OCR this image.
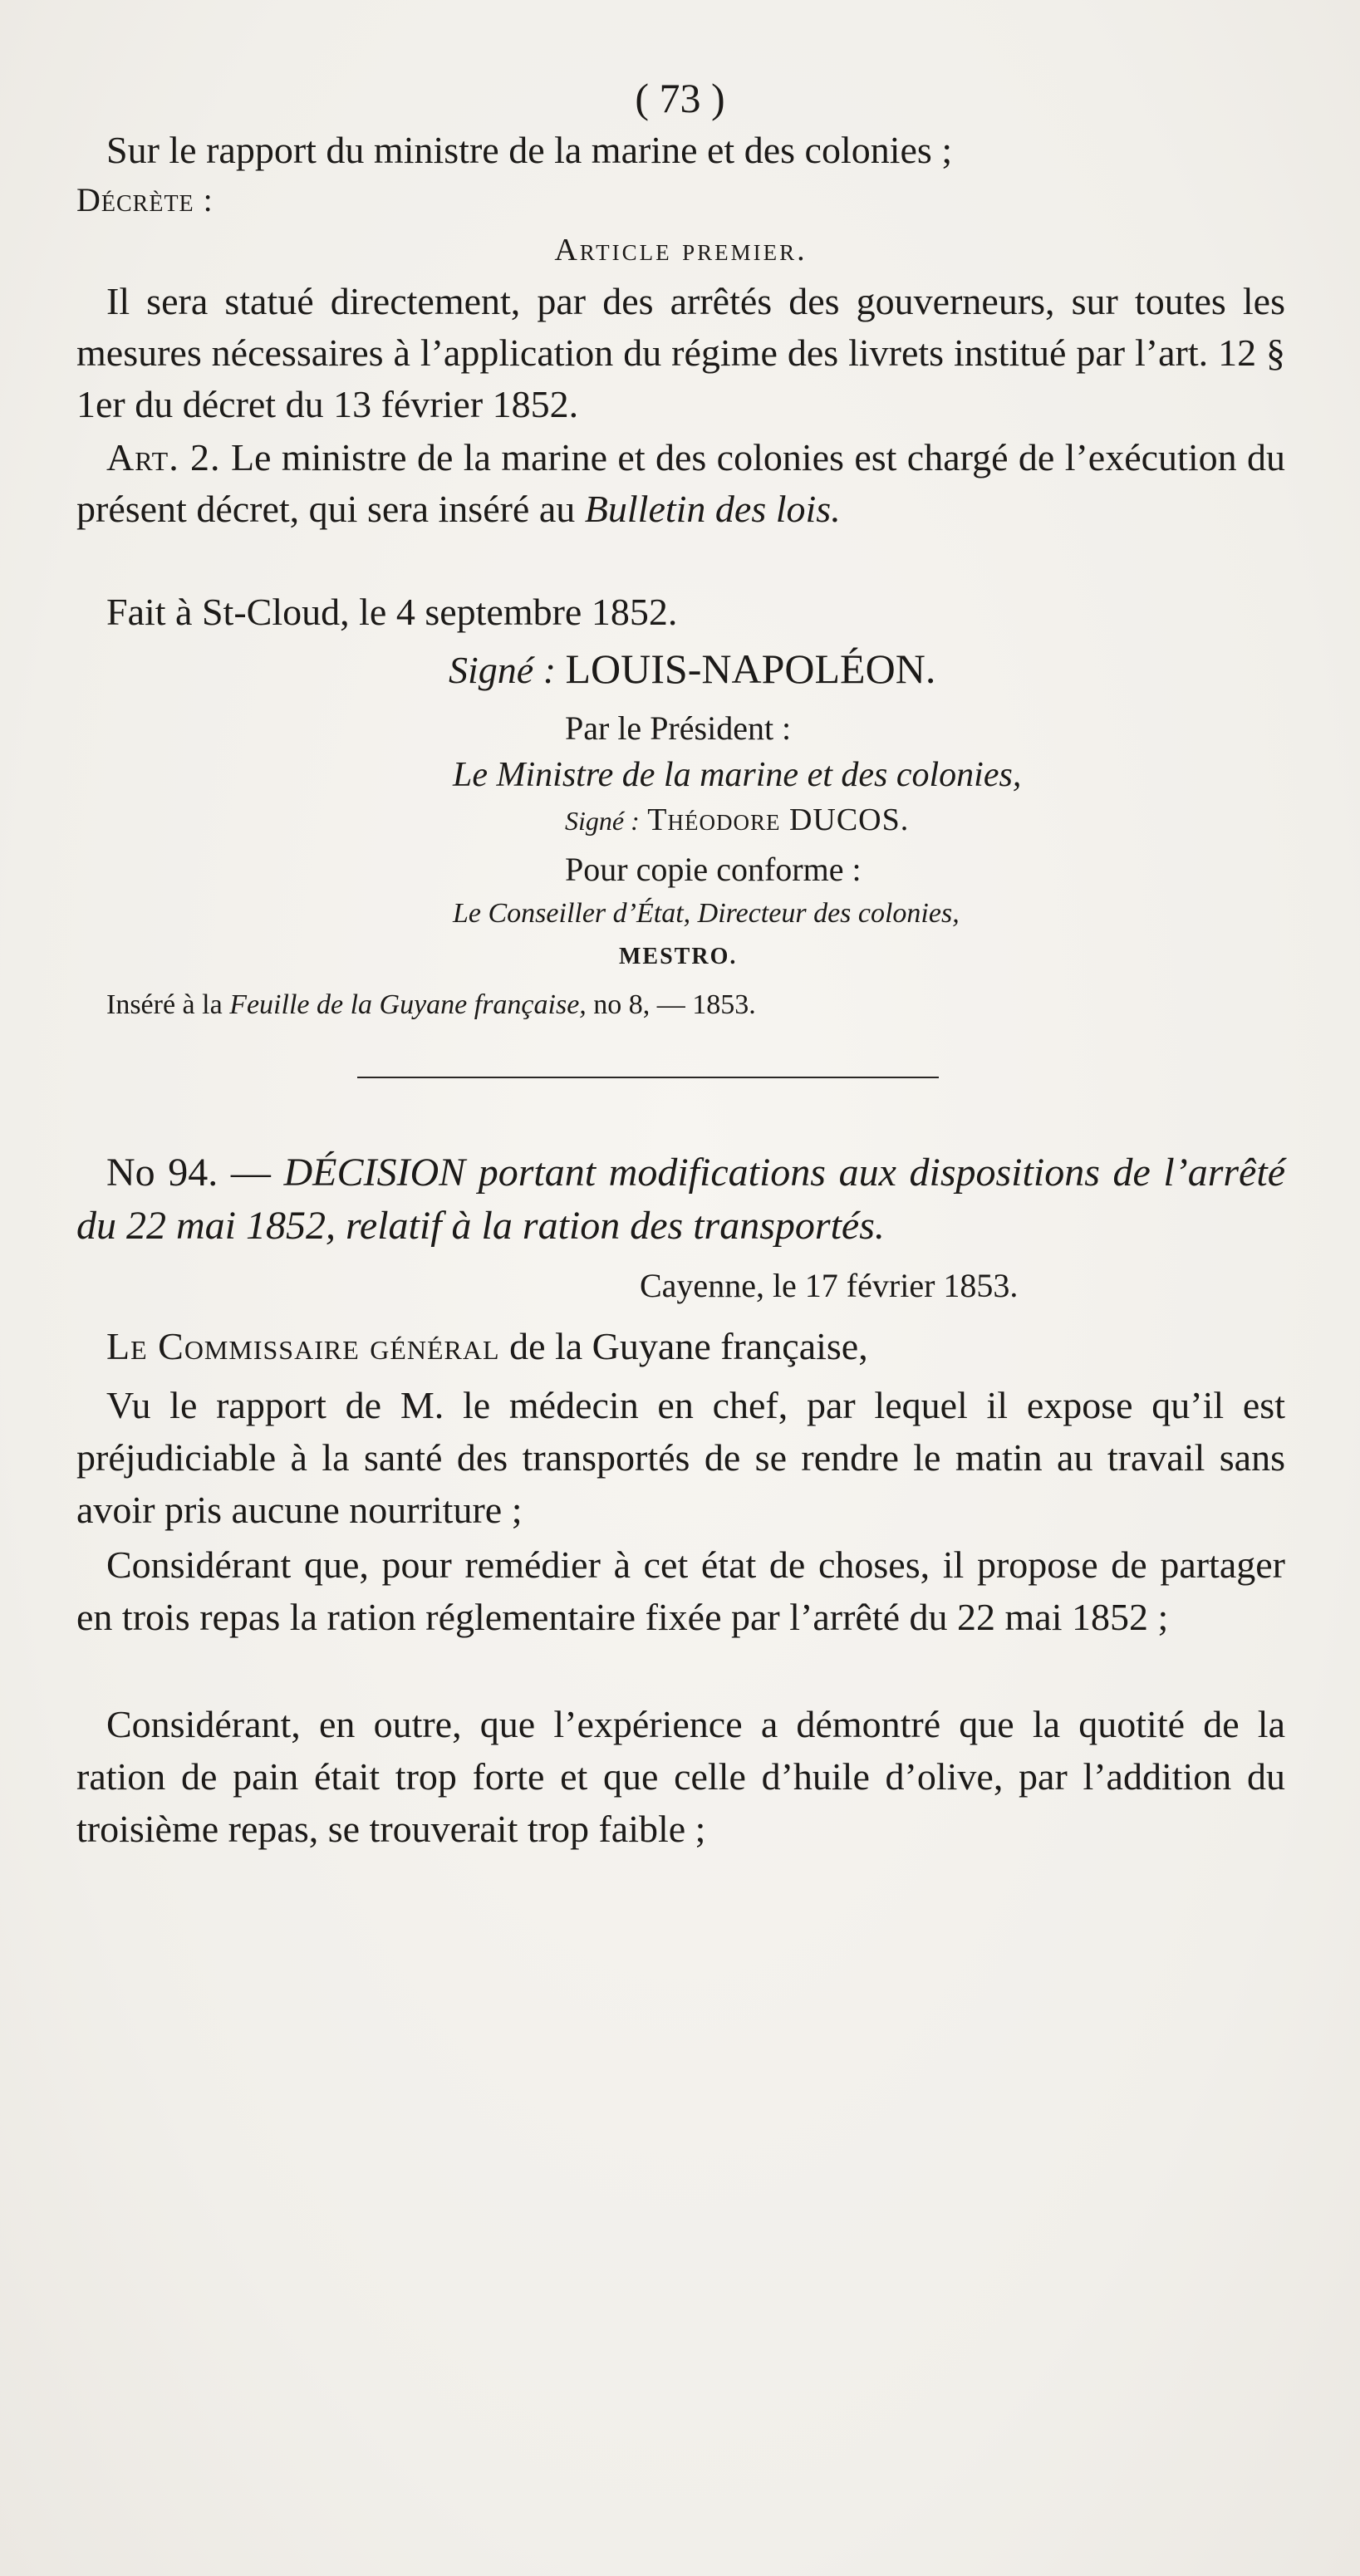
( 73 )
Sur le rapport du ministre de la marine et des colonies ;
Décrète :
Article premier.
Il sera statué directement, par des arrêtés des gouverneurs, sur toutes les mesures nécessaires à l’application du régime des livrets institué par l’art. 12 § 1er du décret du 13 février 1852.
Art. 2. Le ministre de la marine et des colonies est chargé de l’exécution du présent décret, qui sera inséré au Bulletin des lois.
Fait à St-Cloud, le 4 septembre 1852.
Signé : LOUIS-NAPOLÉON.
Par le Président :
Le Ministre de la marine et des colonies,
Signé : Théodore DUCOS.
Pour copie conforme :
Le Conseiller d’État, Directeur des colonies,
MESTRO.
Inséré à la Feuille de la Guyane française, no 8, — 1853.
No 94. — DÉCISION portant modifications aux dispositions de l’arrêté du 22 mai 1852, relatif à la ration des transportés.
Cayenne, le 17 février 1853.
Le Commissaire général de la Guyane française,
Vu le rapport de M. le médecin en chef, par lequel il expose qu’il est préjudiciable à la santé des transportés de se rendre le matin au travail sans avoir pris aucune nourriture ;
Considérant que, pour remédier à cet état de choses, il propose de partager en trois repas la ration réglementaire fixée par l’arrêté du 22 mai 1852 ;
Considérant, en outre, que l’expérience a démontré que la quotité de la ration de pain était trop forte et que celle d’huile d’olive, par l’addition du troisième repas, se trouverait trop faible ;
